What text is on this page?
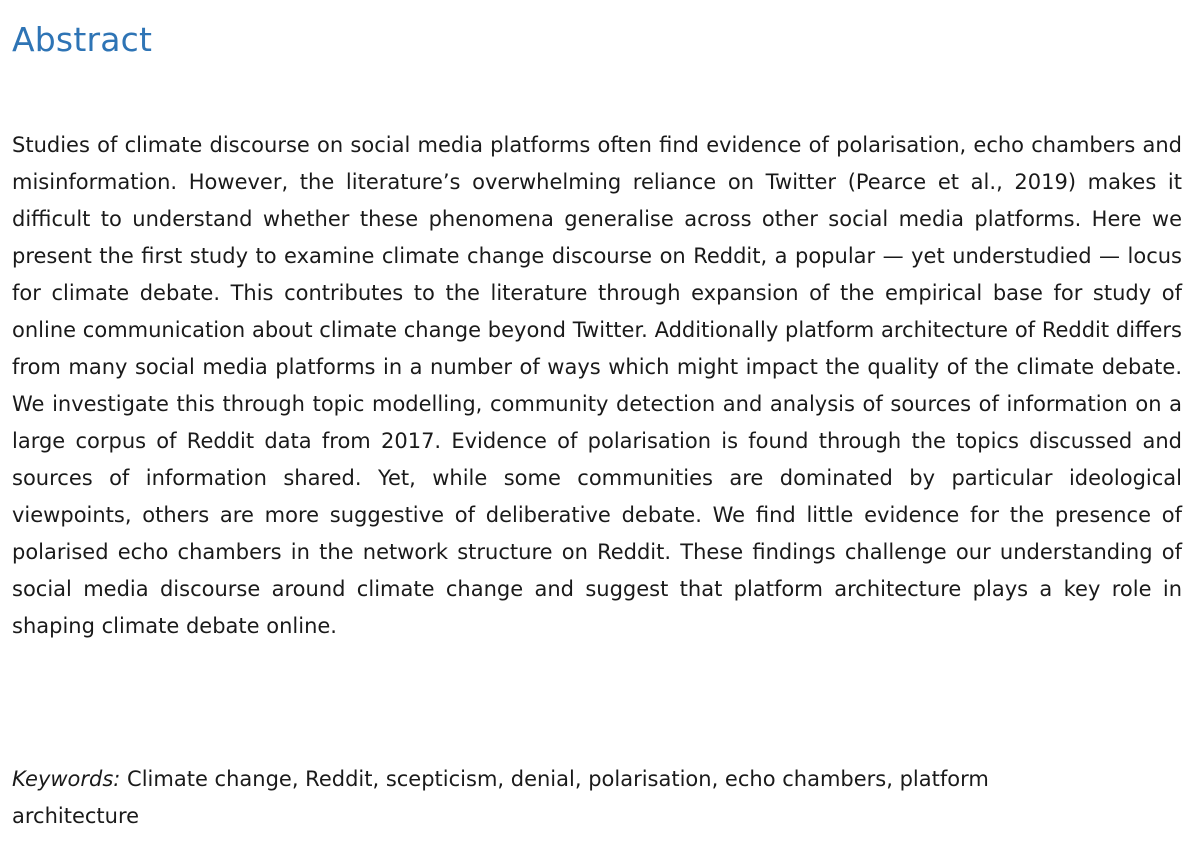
Abstract

Studies of climate discourse on social media platforms often find evidence of polarisation, echo chambers and misinformation. However, the literature’s overwhelming reliance on Twitter (Pearce et al., 2019) makes it difficult to understand whether these phenomena generalise across other social media platforms. Here we present the first study to examine climate change discourse on Reddit, a popular — yet understudied — locus for climate debate. This contributes to the literature through expansion of the empirical base for study of online communication about climate change beyond Twitter. Additionally platform architecture of Reddit differs from many social media platforms in a number of ways which might impact the quality of the climate debate. We investigate this through topic modelling, community detection and analysis of sources of information on a large corpus of Reddit data from 2017. Evidence of polarisation is found through the topics discussed and sources of information shared. Yet, while some communities are dominated by particular ideological viewpoints, others are more suggestive of deliberative debate. We find little evidence for the presence of polarised echo chambers in the network structure on Reddit. These findings challenge our understanding of social media discourse around climate change and suggest that platform architecture plays a key role in shaping climate debate online.

Keywords: Climate change, Reddit, scepticism, denial, polarisation, echo chambers, platform architecture
